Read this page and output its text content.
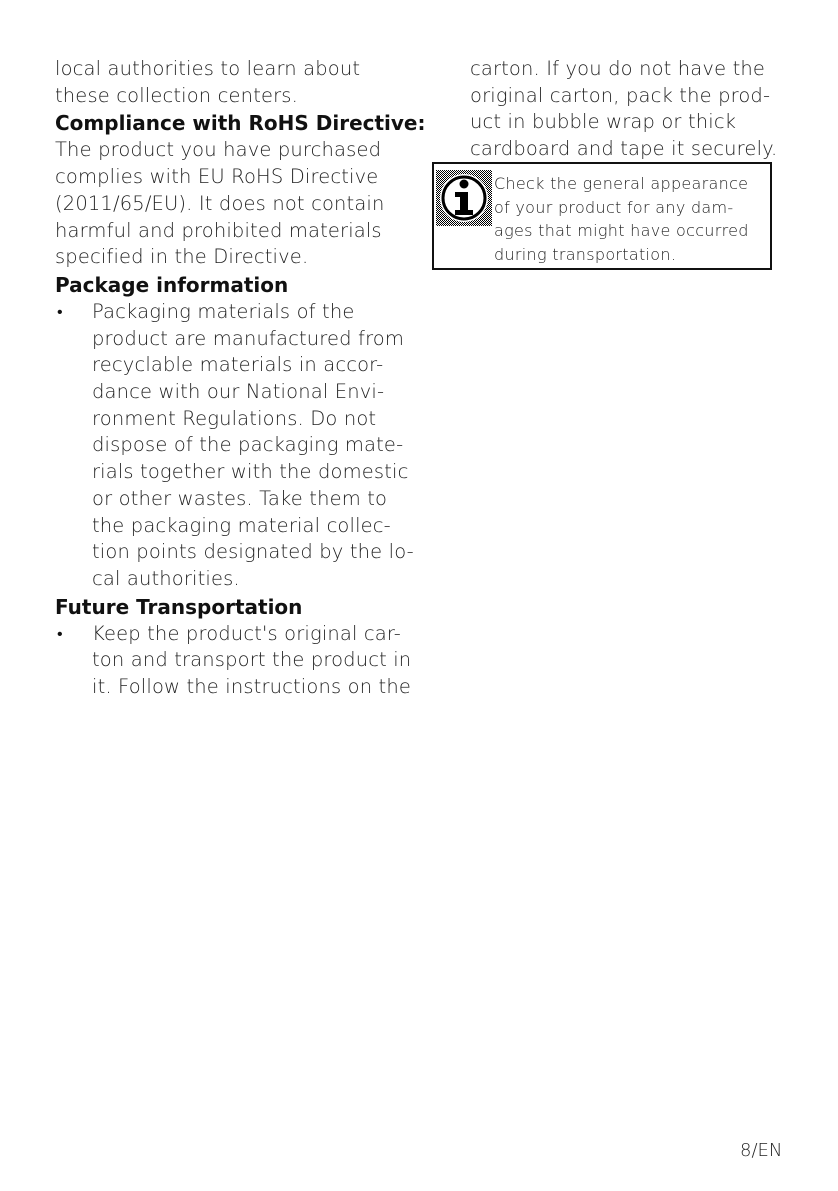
local authorities to learn about
these collection centers.
Compliance with RoHS Directive:
The product you have purchased
complies with EU RoHS Directive
(2011/65/EU). It does not contain
harmful and prohibited materials
specified in the Directive.
Package information
• Packaging materials of the
product are manufactured from
recyclable materials in accor-
dance with our National Envi-
ronment Regulations. Do not
dispose of the packaging mate-
rials together with the domestic
or other wastes. Take them to
the packaging material collec-
tion points designated by the lo-
cal authorities.
Future Transportation
• Keep the product's original car-
ton and transport the product in
it. Follow the instructions on the
carton. If you do not have the
original carton, pack the prod-
uct in bubble wrap or thick
cardboard and tape it securely.
Check the general appearance
of your product for any dam-
ages that might have occurred
during transportation.
8/EN
